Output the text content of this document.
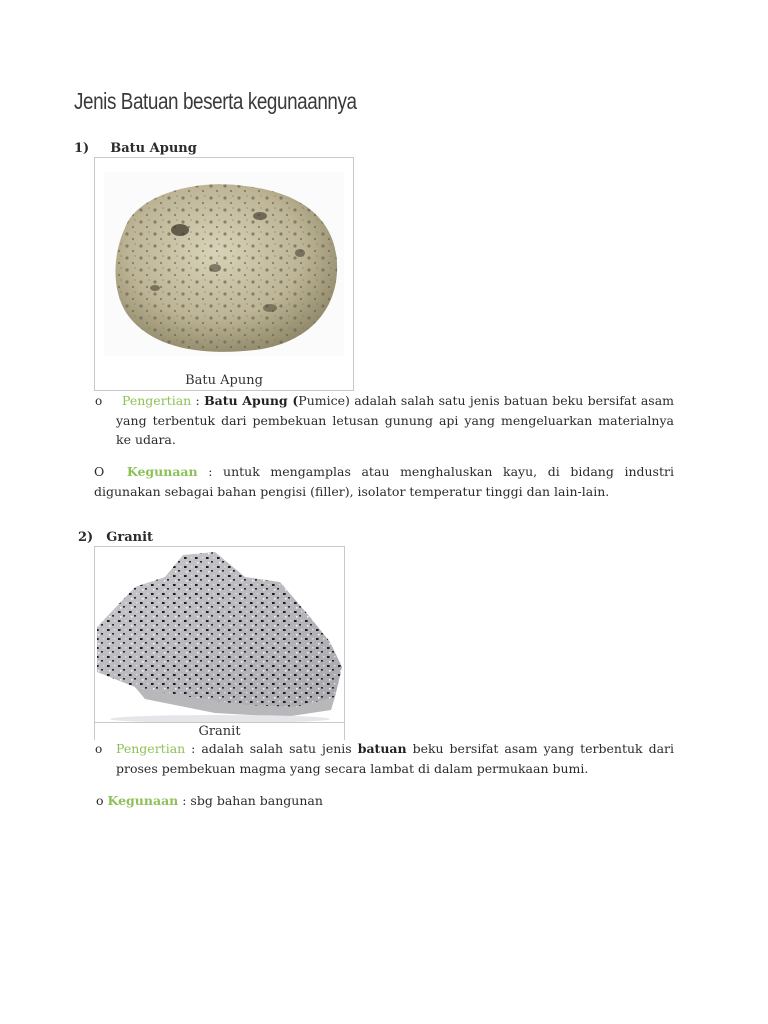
Jenis Batuan beserta kegunaannya
1) Batu Apung
Batu Apung
o	Pengertian : Batu Apung (Pumice) adalah salah satu jenis batuan beku bersifat asam yang terbentuk dari pembekuan letusan gunung api yang mengeluarkan materialnya ke udara.
O Kegunaan : untuk mengamplas atau menghaluskan kayu, di bidang industri digunakan sebagai bahan pengisi (filler), isolator temperatur tinggi dan lain-lain.
2) Granit
Granit
o Pengertian : adalah salah satu jenis batuan beku bersifat asam yang terbentuk dari proses pembekuan magma yang secara lambat di dalam permukaan bumi.
o Kegunaan : sbg bahan bangunan
